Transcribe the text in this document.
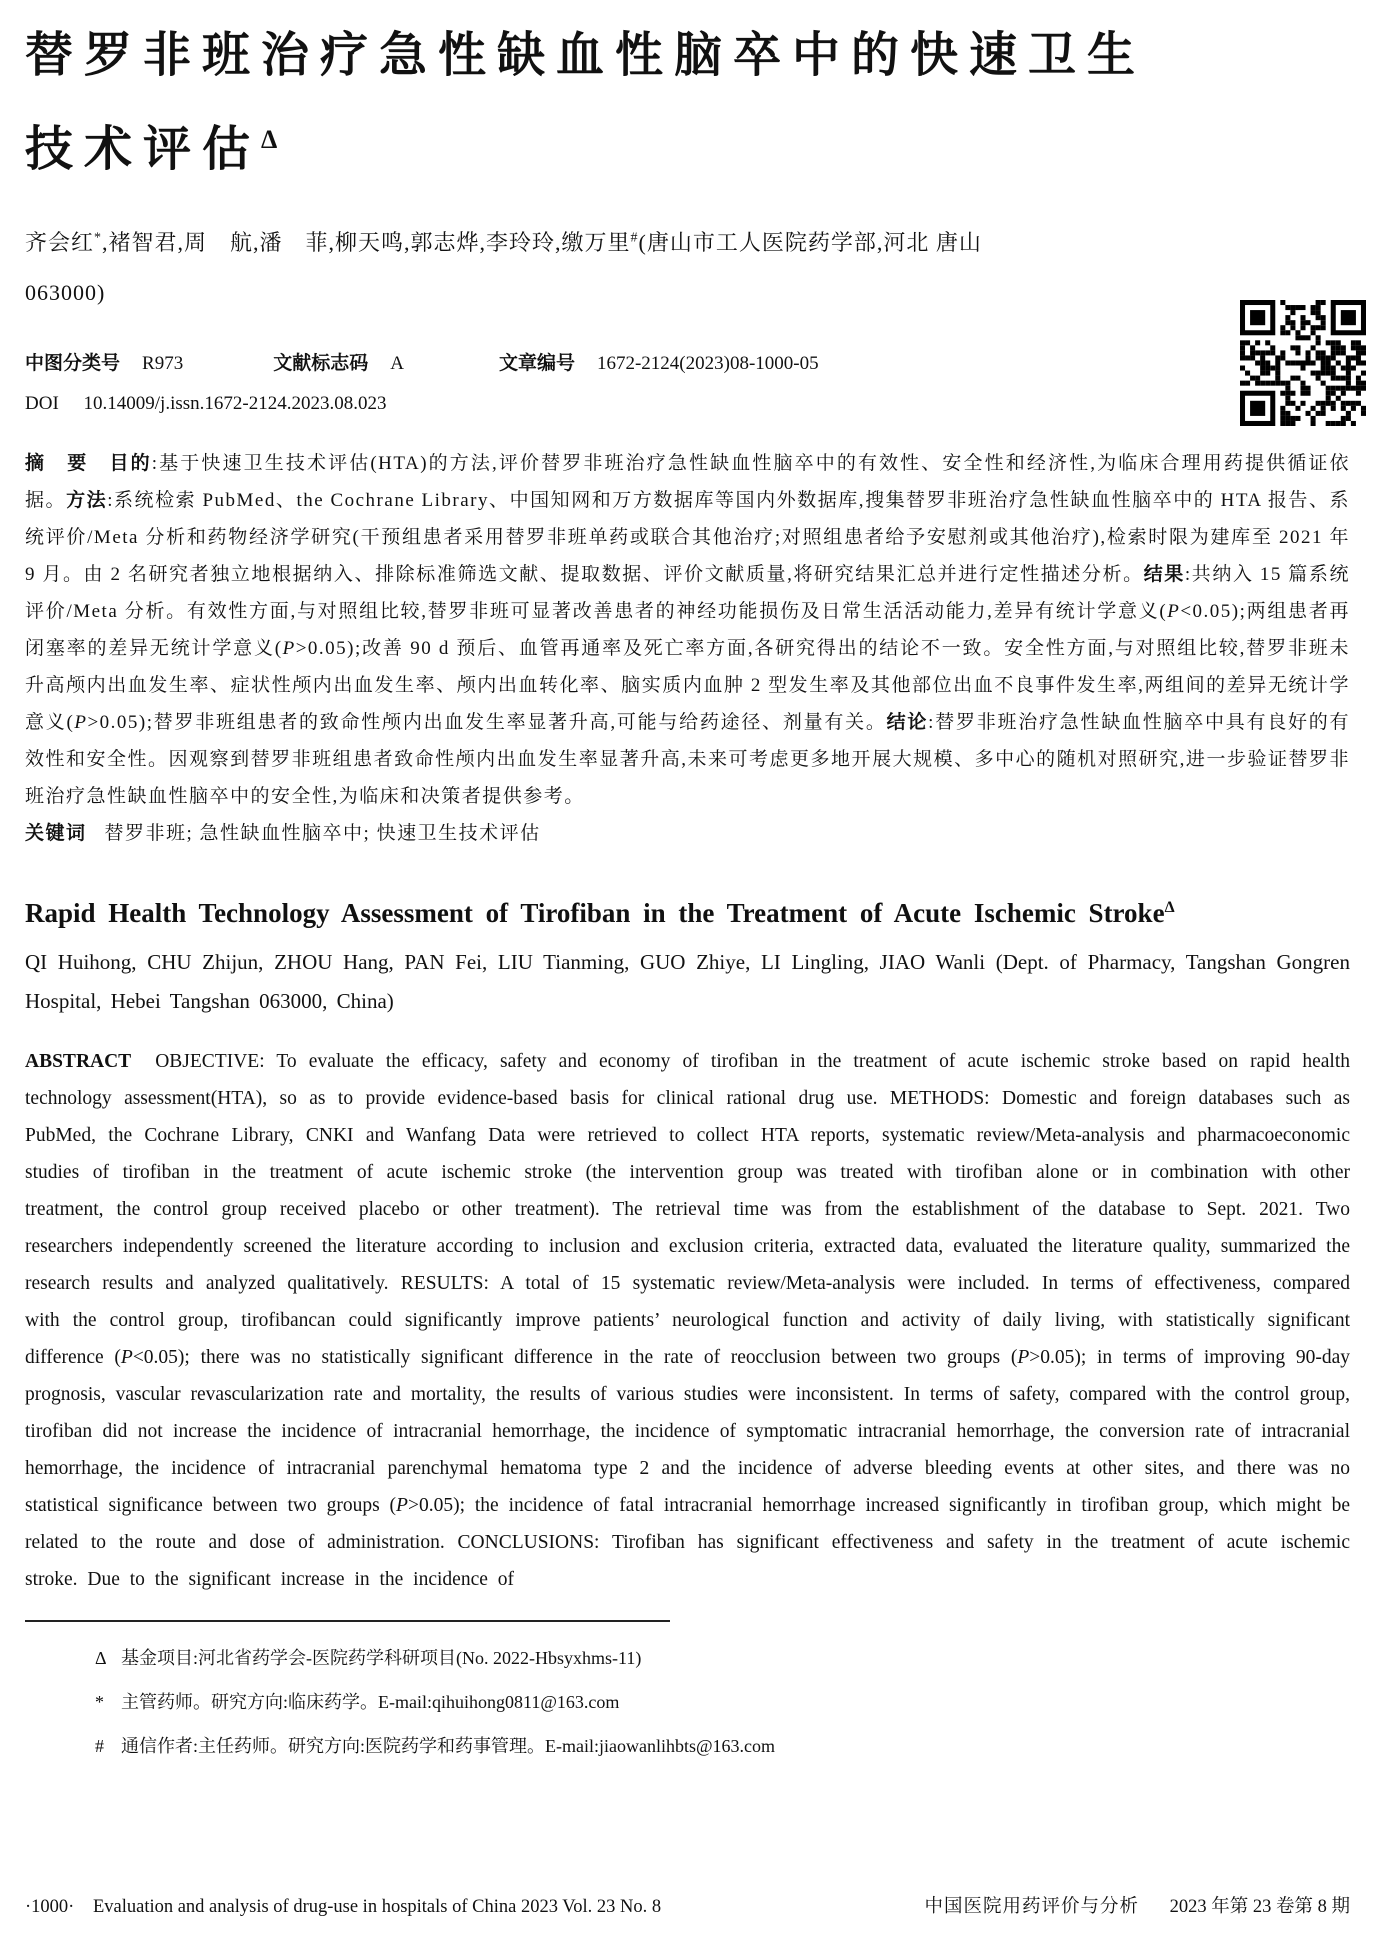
替罗非班治疗急性缺血性脑卒中的快速卫生
技术评估$^\Delta$

齐会红*,褚智君,周　航,潘　菲,柳天鸣,郭志烨,李玲玲,缴万里#(唐山市工人医院药学部,河北 唐山
063000)

中图分类号 R973	文献标志码 A	文章编号 1672-2124(2023)08-1000-05
DOI 10.14009/j.issn.1672-2124.2023.08.023

摘　要　目的:基于快速卫生技术评估(HTA)的方法,评价替罗非班治疗急性缺血性脑卒中的有效性、安全性和经济性,为临床合理用药提供循证依据。方法:系统检索 PubMed、the Cochrane Library、中国知网和万方数据库等国内外数据库,搜集替罗非班治疗急性缺血性脑卒中的 HTA 报告、系统评价/Meta 分析和药物经济学研究(干预组患者采用替罗非班单药或联合其他治疗;对照组患者给予安慰剂或其他治疗),检索时限为建库至 2021 年 9 月。由 2 名研究者独立地根据纳入、排除标准筛选文献、提取数据、评价文献质量,将研究结果汇总并进行定性描述分析。结果:共纳入 15 篇系统评价/Meta 分析。有效性方面,与对照组比较,替罗非班可显著改善患者的神经功能损伤及日常生活活动能力,差异有统计学意义(P<0.05);两组患者再闭塞率的差异无统计学意义(P>0.05);改善 90 d 预后、血管再通率及死亡率方面,各研究得出的结论不一致。安全性方面,与对照组比较,替罗非班未升高颅内出血发生率、症状性颅内出血发生率、颅内出血转化率、脑实质内血肿 2 型发生率及其他部位出血不良事件发生率,两组间的差异无统计学意义(P>0.05);替罗非班组患者的致命性颅内出血发生率显著升高,可能与给药途径、剂量有关。结论:替罗非班治疗急性缺血性脑卒中具有良好的有效性和安全性。因观察到替罗非班组患者致命性颅内出血发生率显著升高,未来可考虑更多地开展大规模、多中心的随机对照研究,进一步验证替罗非班治疗急性缺血性脑卒中的安全性,为临床和决策者提供参考。

关键词 替罗非班; 急性缺血性脑卒中; 快速卫生技术评估

Rapid Health Technology Assessment of Tirofiban in the Treatment of Acute Ischemic Stroke$^\Delta$

QI Huihong, CHU Zhijun, ZHOU Hang, PAN Fei, LIU Tianming, GUO Zhiye, LI Lingling, JIAO Wanli (Dept. of Pharmacy, Tangshan Gongren Hospital, Hebei Tangshan 063000, China)

ABSTRACT　OBJECTIVE: To evaluate the efficacy, safety and economy of tirofiban in the treatment of acute ischemic stroke based on rapid health technology assessment(HTA), so as to provide evidence-based basis for clinical rational drug use. METHODS: Domestic and foreign databases such as PubMed, the Cochrane Library, CNKI and Wanfang Data were retrieved to collect HTA reports, systematic review/Meta-analysis and pharmacoeconomic studies of tirofiban in the treatment of acute ischemic stroke (the intervention group was treated with tirofiban alone or in combination with other treatment, the control group received placebo or other treatment). The retrieval time was from the establishment of the database to Sept. 2021. Two researchers independently screened the literature according to inclusion and exclusion criteria, extracted data, evaluated the literature quality, summarized the research results and analyzed qualitatively. RESULTS: A total of 15 systematic review/Meta-analysis were included. In terms of effectiveness, compared with the control group, tirofibancan could significantly improve patients’ neurological function and activity of daily living, with statistically significant difference (P<0.05); there was no statistically significant difference in the rate of reocclusion between two groups (P>0.05); in terms of improving 90-day prognosis, vascular revascularization rate and mortality, the results of various studies were inconsistent. In terms of safety, compared with the control group, tirofiban did not increase the incidence of intracranial hemorrhage, the incidence of symptomatic intracranial hemorrhage, the conversion rate of intracranial hemorrhage, the incidence of intracranial parenchymal hematoma type 2 and the incidence of adverse bleeding events at other sites, and there was no statistical significance between two groups (P>0.05); the incidence of fatal intracranial hemorrhage increased significantly in tirofiban group, which might be related to the route and dose of administration. CONCLUSIONS: Tirofiban has significant effectiveness and safety in the treatment of acute ischemic stroke. Due to the significant increase in the incidence of

Δ 基金项目:河北省药学会-医院药学科研项目(No. 2022-Hbsyxhms-11)
* 主管药师。研究方向:临床药学。E-mail:qihuihong0811@163.com
# 通信作者:主任药师。研究方向:医院药学和药事管理。E-mail:jiaowanlihbts@163.com
·1000· Evaluation and analysis of drug-use in hospitals of China 2023 Vol. 23 No. 8	中国医院用药评价与分析 2023 年第 23 卷第 8 期
